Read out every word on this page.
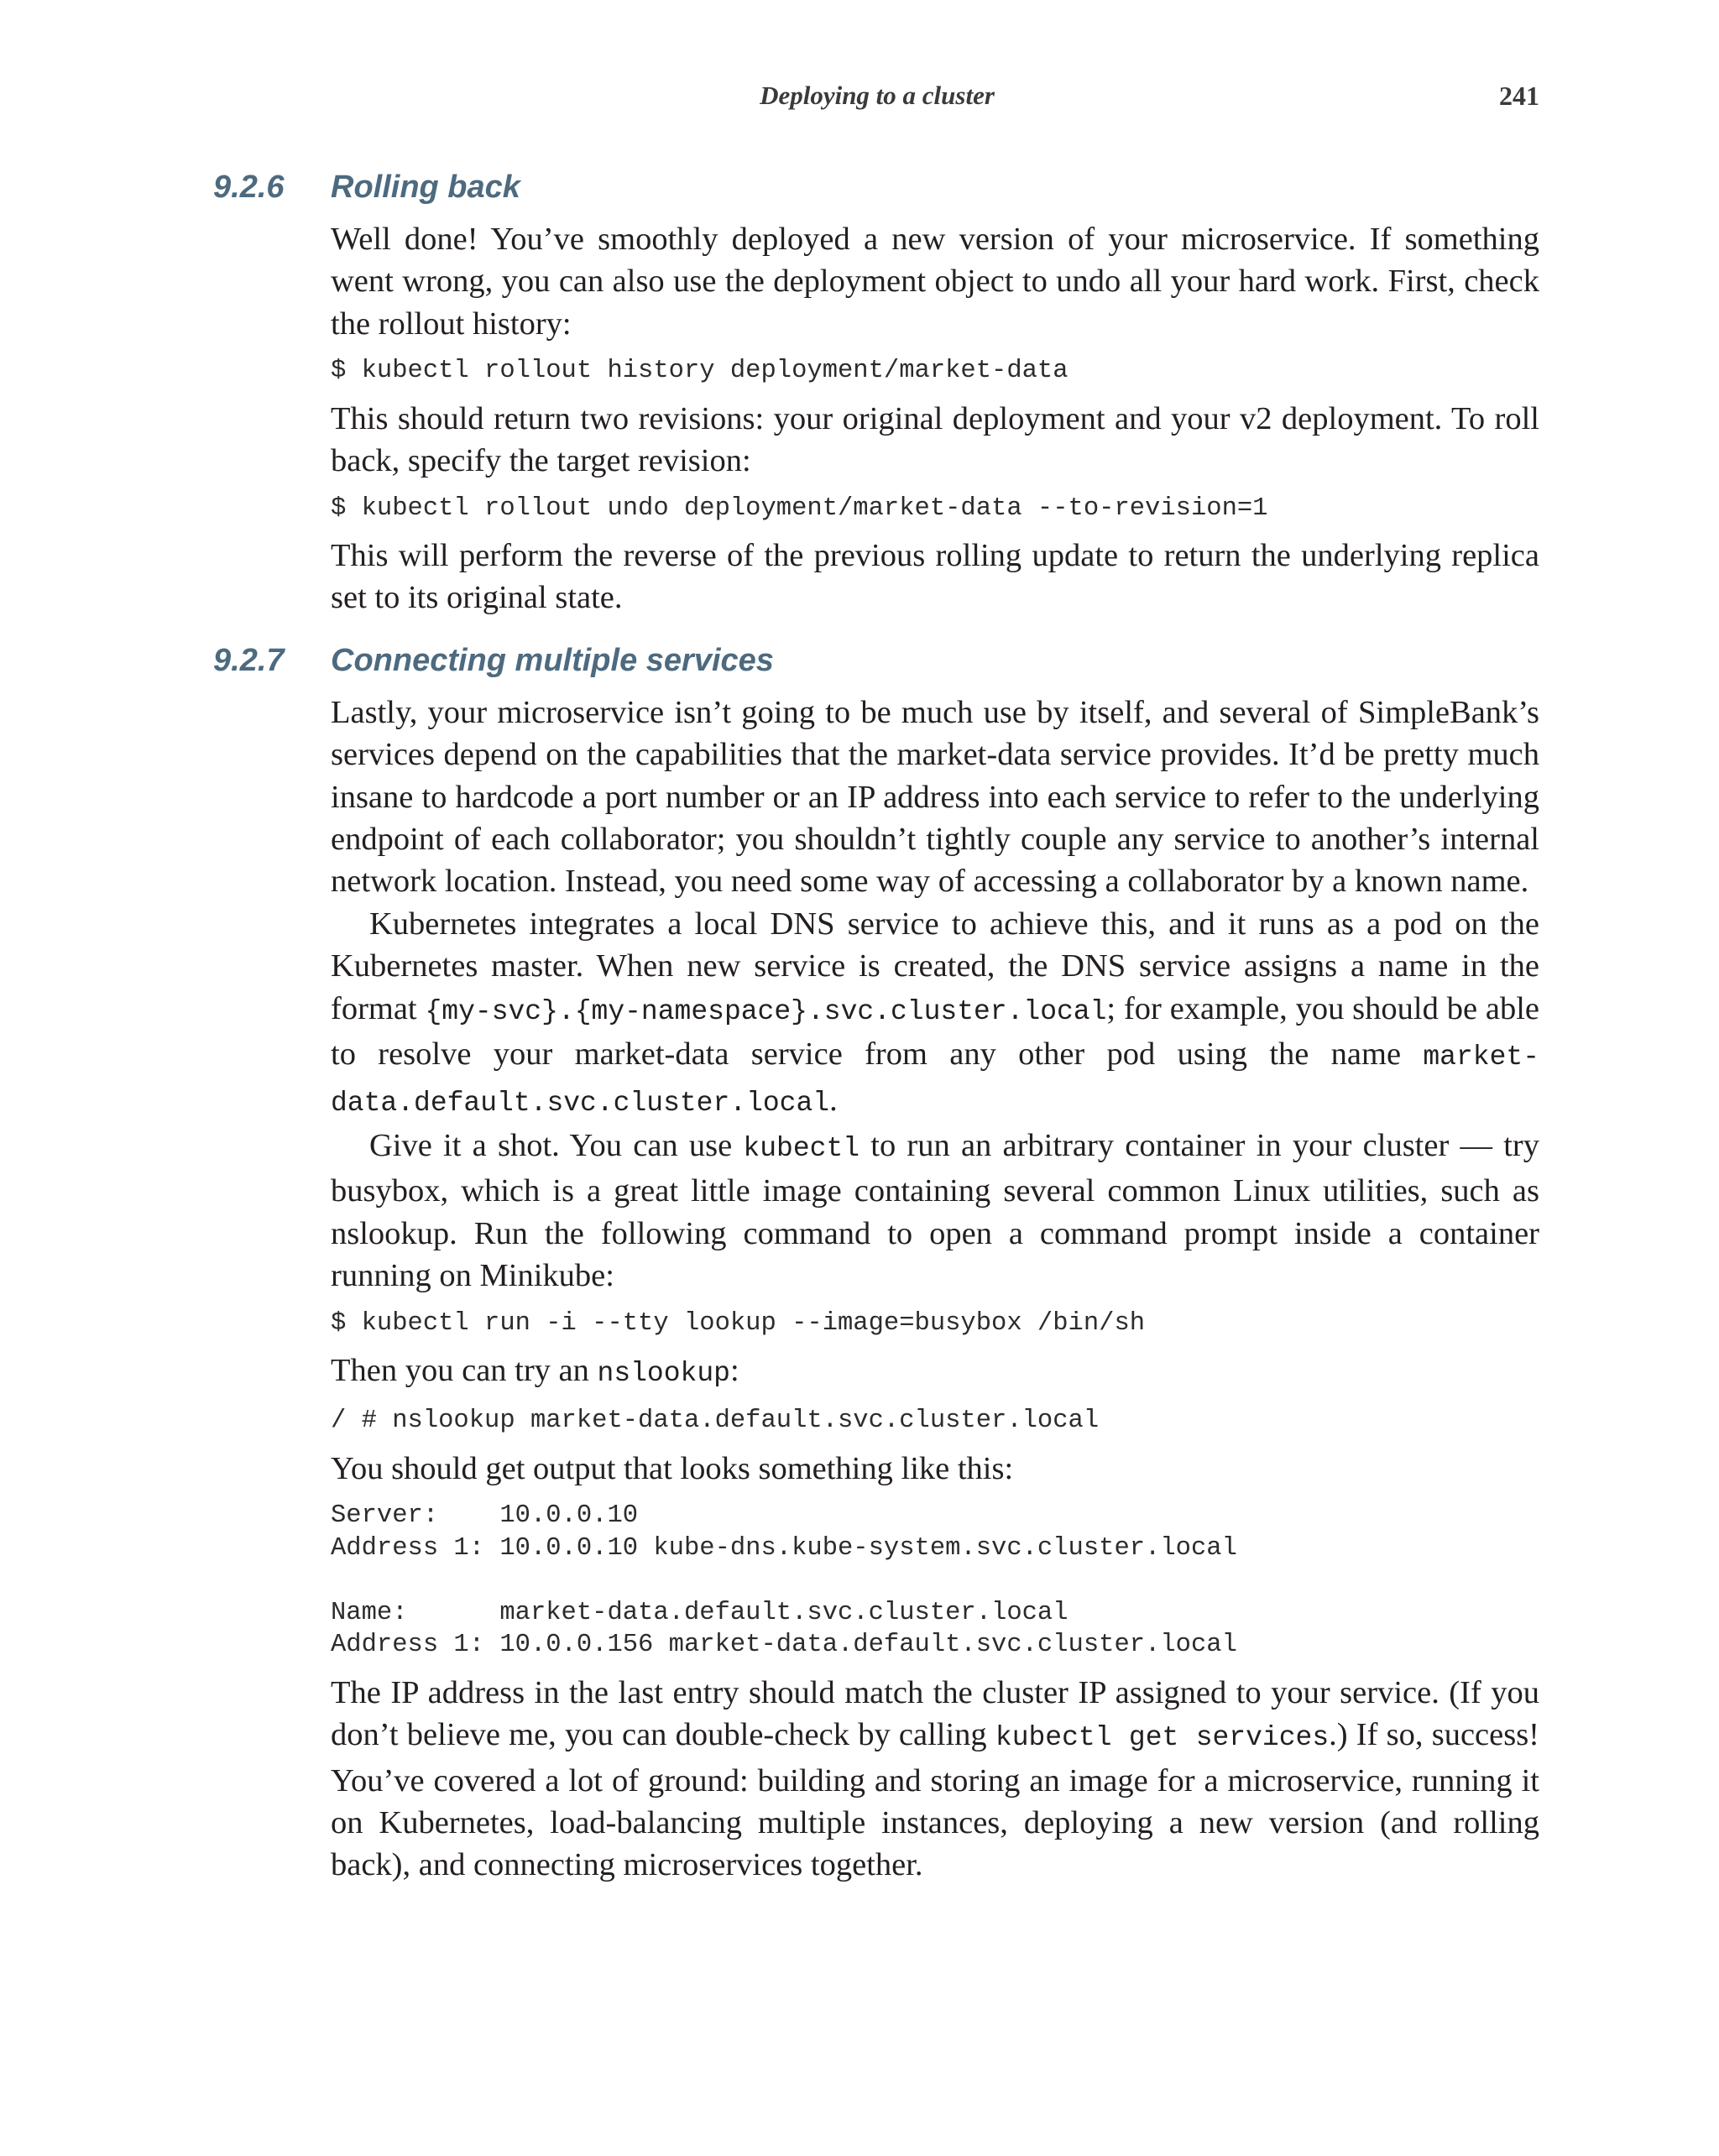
Deploying to a cluster	241
9.2.6 Rolling back

Well done! You’ve smoothly deployed a new version of your microservice. If something went wrong, you can also use the deployment object to undo all your hard work. First, check the rollout history:

$ kubectl rollout history deployment/market-data

This should return two revisions: your original deployment and your v2 deployment. To roll back, specify the target revision:

$ kubectl rollout undo deployment/market-data --to-revision=1

This will perform the reverse of the previous rolling update to return the underlying replica set to its original state.

9.2.7 Connecting multiple services

Lastly, your microservice isn’t going to be much use by itself, and several of SimpleBank’s services depend on the capabilities that the market-data service provides. It’d be pretty much insane to hardcode a port number or an IP address into each service to refer to the underlying endpoint of each collaborator; you shouldn’t tightly couple any service to another’s internal network location. Instead, you need some way of accessing a collaborator by a known name.

Kubernetes integrates a local DNS service to achieve this, and it runs as a pod on the Kubernetes master. When new service is created, the DNS service assigns a name in the format {my-svc}.{my-namespace}.svc.cluster.local; for example, you should be able to resolve your market-data service from any other pod using the name market-data.default.svc.cluster.local.

Give it a shot. You can use kubectl to run an arbitrary container in your cluster — try busybox, which is a great little image containing several common Linux utilities, such as nslookup. Run the following command to open a command prompt inside a container running on Minikube:

$ kubectl run -i --tty lookup --image=busybox /bin/sh

Then you can try an nslookup:

/ # nslookup market-data.default.svc.cluster.local

You should get output that looks something like this:

Server:    10.0.0.10
Address 1: 10.0.0.10 kube-dns.kube-system.svc.cluster.local
Name:      market-data.default.svc.cluster.local
Address 1: 10.0.0.156 market-data.default.svc.cluster.local

The IP address in the last entry should match the cluster IP assigned to your service. (If you don’t believe me, you can double-check by calling kubectl get services.) If so, success! You’ve covered a lot of ground: building and storing an image for a microservice, running it on Kubernetes, load-balancing multiple instances, deploying a new version (and rolling back), and connecting microservices together.
